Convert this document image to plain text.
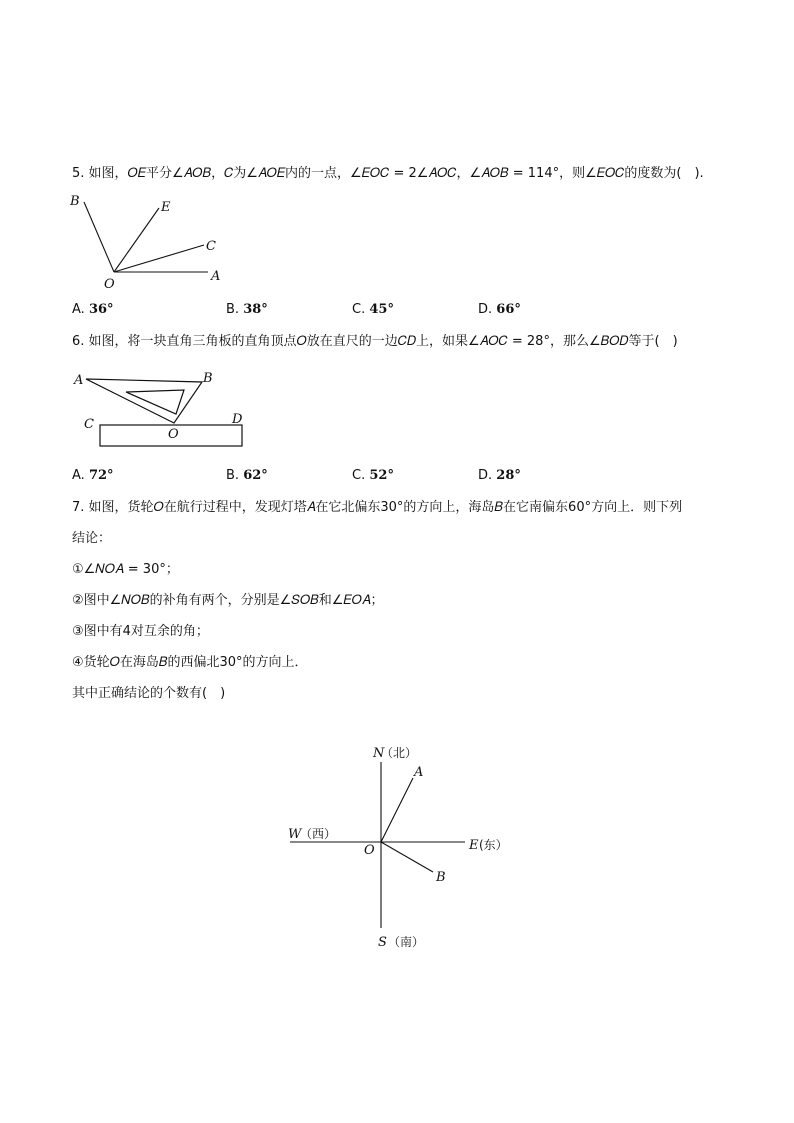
5. 如图，𝑂𝐸平分∠𝐴𝑂𝐵，𝐶为∠𝐴𝑂𝐸内的一点，∠𝐸𝑂𝐶 = 2∠𝐴𝑂𝐶，∠𝐴𝑂𝐵 = 114°，则∠𝐸𝑂𝐶的度数为(　).
B	E
C
O
A
A. 36°	B. 38°	C. 45°	D. 66°
6. 如图，将一块直角三角板的直角顶点𝑂放在直尺的一边𝐶𝐷上，如果∠𝐴𝑂𝐶 = 28°，那么∠𝐵𝑂𝐷等于(　)
A	B
C
O
D
A. 72°	B. 62°	C. 52°	D. 28°
7. 如图，货轮𝑂在航行过程中，发现灯塔𝐴在它北偏东30°的方向上，海岛𝐵在它南偏东60°方向上．则下列
结论：
①∠𝑁𝑂𝐴 = 30°；
②图中∠𝑁𝑂𝐵的补角有两个，分别是∠𝑆𝑂𝐵和∠𝐸𝑂𝐴；
③图中有4对互余的角；
④货轮𝑂在海岛𝐵的西偏北30°的方向上．
其中正确结论的个数有(　)
N
（北）
A
W
（西）
O	E (东）
B
S （南）
